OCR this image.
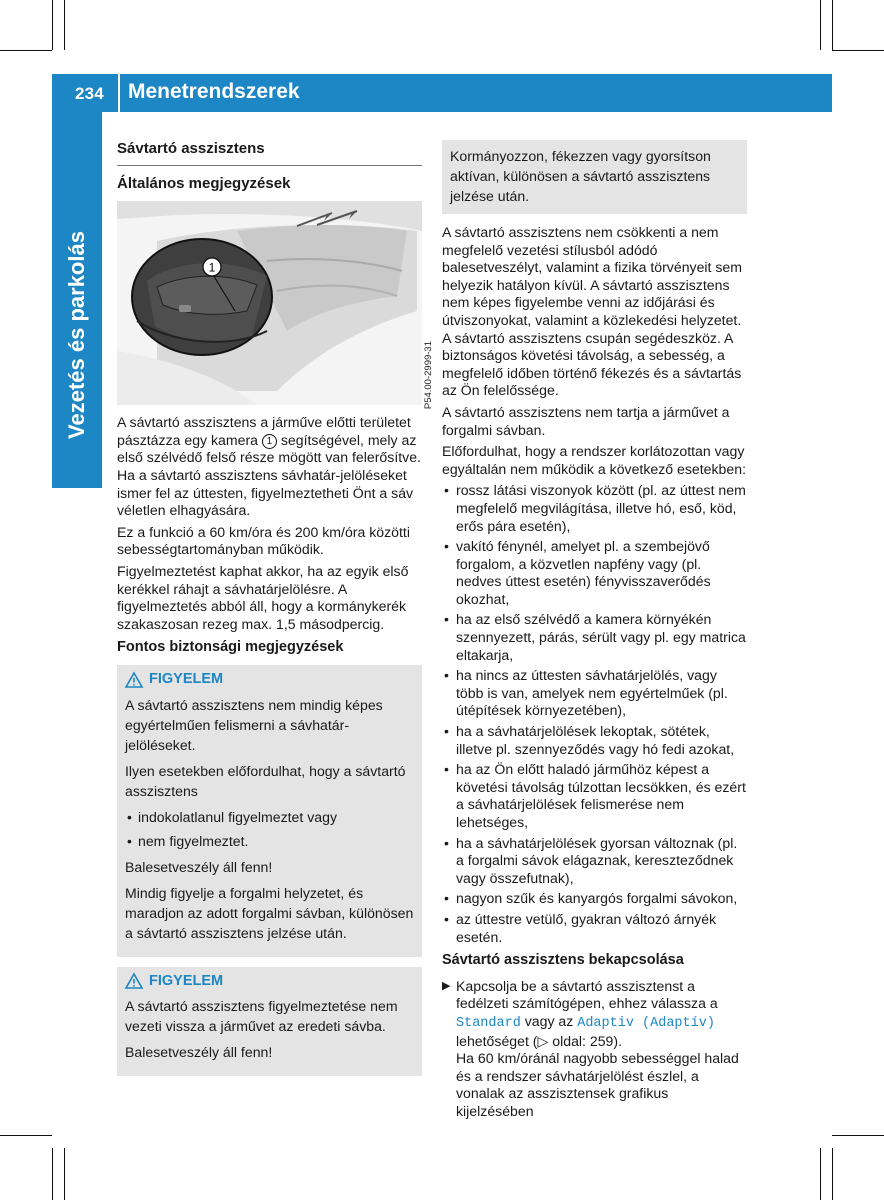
234 Menetrendszerek
Vezetés és parkolás
Sávtartó asszisztens
Általános megjegyzések
1
P54.00-2999-31

A sávtartó asszisztens a járműve előtti területet pásztázza egy kamera 1 segítségével, mely az első szélvédő felső része mögött van felerősítve. Ha a sávtartó asszisztens sávhatár-jelöléseket ismer fel az úttesten, figyelmeztetheti Önt a sáv véletlen elhagyására.

Ez a funkció a 60 km/óra és 200 km/óra közötti sebességtartományban működik.

Figyelmeztetést kaphat akkor, ha az egyik első kerékkel ráhajt a sávhatárjelölésre. A figyelmeztetés abból áll, hogy a kormánykerék szakaszosan rezeg max. 1,5 másodpercig.

Fontos biztonsági megjegyzések
FIGYELEM

A sávtartó asszisztens nem mindig képes egyértelműen felismerni a sávhatár-jelöléseket.

Ilyen esetekben előfordulhat, hogy a sávtartó asszisztens

• indokolatlanul figyelmeztet vagy
• nem figyelmeztet.

Balesetveszély áll fenn!

Mindig figyelje a forgalmi helyzetet, és maradjon az adott forgalmi sávban, különösen a sávtartó asszisztens jelzése után.

FIGYELEM

A sávtartó asszisztens figyelmeztetése nem vezeti vissza a járművet az eredeti sávba.

Balesetveszély áll fenn!

Kormányozzon, fékezzen vagy gyorsítson aktívan, különösen a sávtartó asszisztens jelzése után.

A sávtartó asszisztens nem csökkenti a nem megfelelő vezetési stílusból adódó balesetveszélyt, valamint a fizika törvényeit sem helyezik hatályon kívül. A sávtartó asszisztens nem képes figyelembe venni az időjárási és útviszonyokat, valamint a közlekedési helyzetet. A sávtartó asszisztens csupán segédeszköz. A biztonságos követési távolság, a sebesség, a megfelelő időben történő fékezés és a sávtartás az Ön felelőssége.

A sávtartó asszisztens nem tartja a járművet a forgalmi sávban.

Előfordulhat, hogy a rendszer korlátozottan vagy egyáltalán nem működik a következő esetekben:

• rossz látási viszonyok között (pl. az úttest nem megfelelő megvilágítása, illetve hó, eső, köd, erős pára esetén),
• vakító fénynél, amelyet pl. a szembejövő forgalom, a közvetlen napfény vagy (pl. nedves úttest esetén) fényvisszaverődés okozhat,
• ha az első szélvédő a kamera környékén szennyezett, párás, sérült vagy pl. egy matrica eltakarja,
• ha nincs az úttesten sávhatárjelölés, vagy több is van, amelyek nem egyértelműek (pl. útépítések környezetében),
• ha a sávhatárjelölések lekoptak, sötétek, illetve pl. szennyeződés vagy hó fedi azokat,
• ha az Ön előtt haladó járműhöz képest a követési távolság túlzottan lecsökken, és ezért a sávhatárjelölések felismerése nem lehetséges,
• ha a sávhatárjelölések gyorsan változnak (pl. a forgalmi sávok elágaznak, kereszteződnek vagy összefutnak),
• nagyon szűk és kanyargós forgalmi sávokon,
• az úttestre vetülő, gyakran változó árnyék esetén.
Sávtartó asszisztens bekapcsolása
▶ Kapcsolja be a sávtartó asszisztenst a fedélzeti számítógépen, ehhez válassza a Standard vagy az Adaptiv (Adaptív) lehetőséget (▷ oldal: 259).
Ha 60 km/óránál nagyobb sebességgel halad és a rendszer sávhatárjelölést észlel, a vonalak az asszisztensek grafikus kijelzésében
